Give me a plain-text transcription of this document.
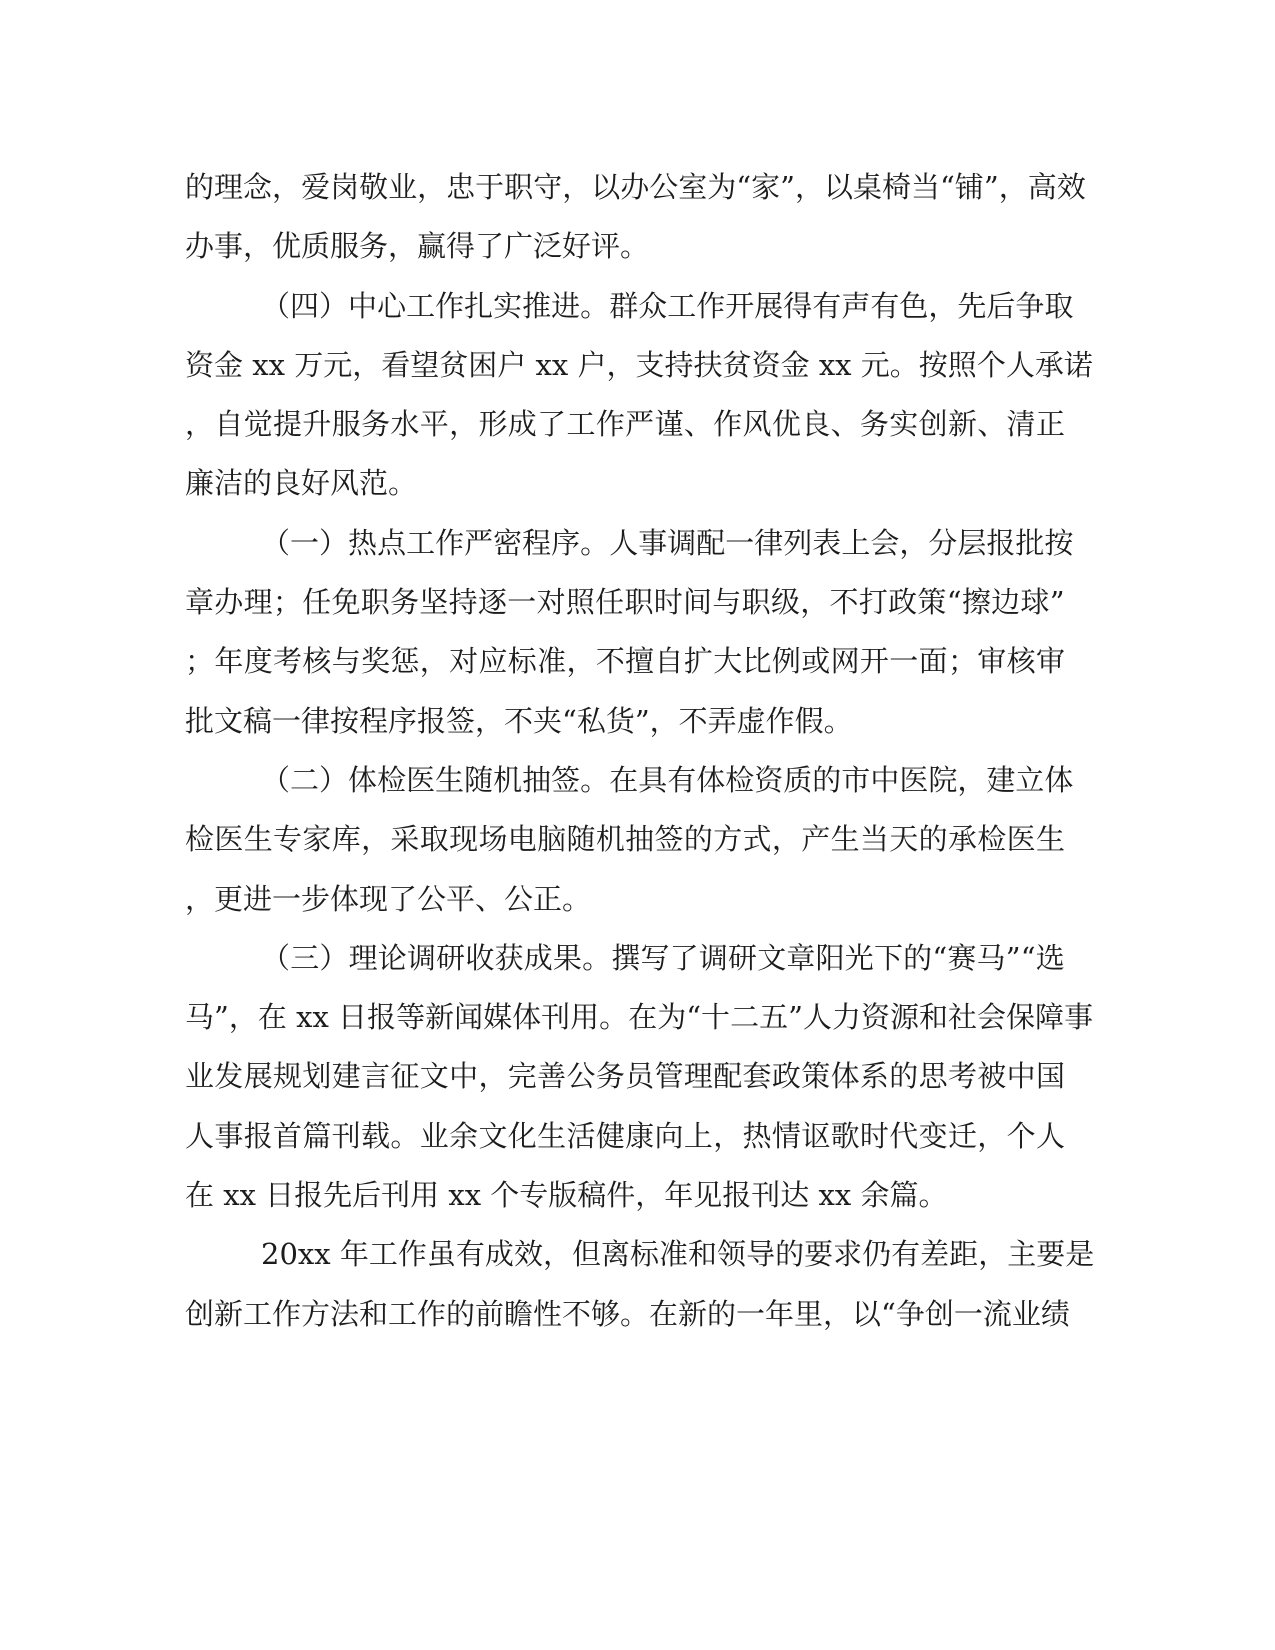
的 理 念 ， 爱 岗 敬 业 ， 忠 于 职 守 ， 以 办 公 室 为 “ 家 ” ， 以 桌 椅 当 “ 铺 ” ， 高 效
办事，优质服务，赢得了广泛好评。
（ 四 ） 中 心 工 作 扎 实 推 进 。 群 众 工 作 开 展 得 有 声 有 色 ， 先 后 争 取
资 金
x x
万 元 ， 看 望 贫 困 户
x x
户 ， 支 持 扶 贫 资 金
x x
元 。 按 照 个 人 承 诺
， 自 觉 提 升 服 务 水 平 ， 形 成 了 工 作 严 谨 、 作 风 优 良 、 务 实 创 新 、 清 正
廉洁的良好风范。
（ 一 ） 热 点 工 作 严 密 程 序 。 人 事 调 配 一 律 列 表 上 会 ， 分 层 报 批 按
章 办 理 ； 任 免 职 务 坚 持 逐 一 对 照 任 职 时 间 与 职 级 ， 不 打 政 策 “ 擦 边 球 ”
； 年 度 考 核 与 奖 惩 ， 对 应 标 准 ， 不 擅 自 扩 大 比 例 或 网 开 一 面 ； 审 核 审
批文稿一律按程序报签，不夹“私货”，不弄虚作假。
（ 二 ） 体 检 医 生 随 机 抽 签 。 在 具 有 体 检 资 质 的 市 中 医 院 ， 建 立 体
检 医 生 专 家 库 ， 采 取 现 场 电 脑 随 机 抽 签 的 方 式 ， 产 生 当 天 的 承 检 医 生
，更进一步体现了公平、公正。
（ 三 ） 理 论 调 研 收 获 成 果 。 撰 写 了 调 研 文 章 阳 光 下 的 “ 赛 马 ” “ 选
马 ” ， 在
x x
日 报 等 新 闻 媒 体 刊 用 。 在 为 “ 十 二 五 ” 人 力 资 源 和 社 会 保 障 事
业 发 展 规 划 建 言 征 文 中 ， 完 善 公 务 员 管 理 配 套 政 策 体 系 的 思 考 被 中 国
人 事 报 首 篇 刊 载 。 业 余 文 化 生 活 健 康 向 上 ， 热 情 讴 歌 时 代 变 迁 ， 个 人
在 xx 日报先后刊用 xx 个专版稿件，年见报刊达 xx 余篇。
2 0 x x
年 工 作 虽 有 成 效 ， 但 离 标 准 和 领 导 的 要 求 仍 有 差 距 ， 主 要 是
创新工作方法和工作的前瞻性不够。在新的一年里，以“争创一流业绩
